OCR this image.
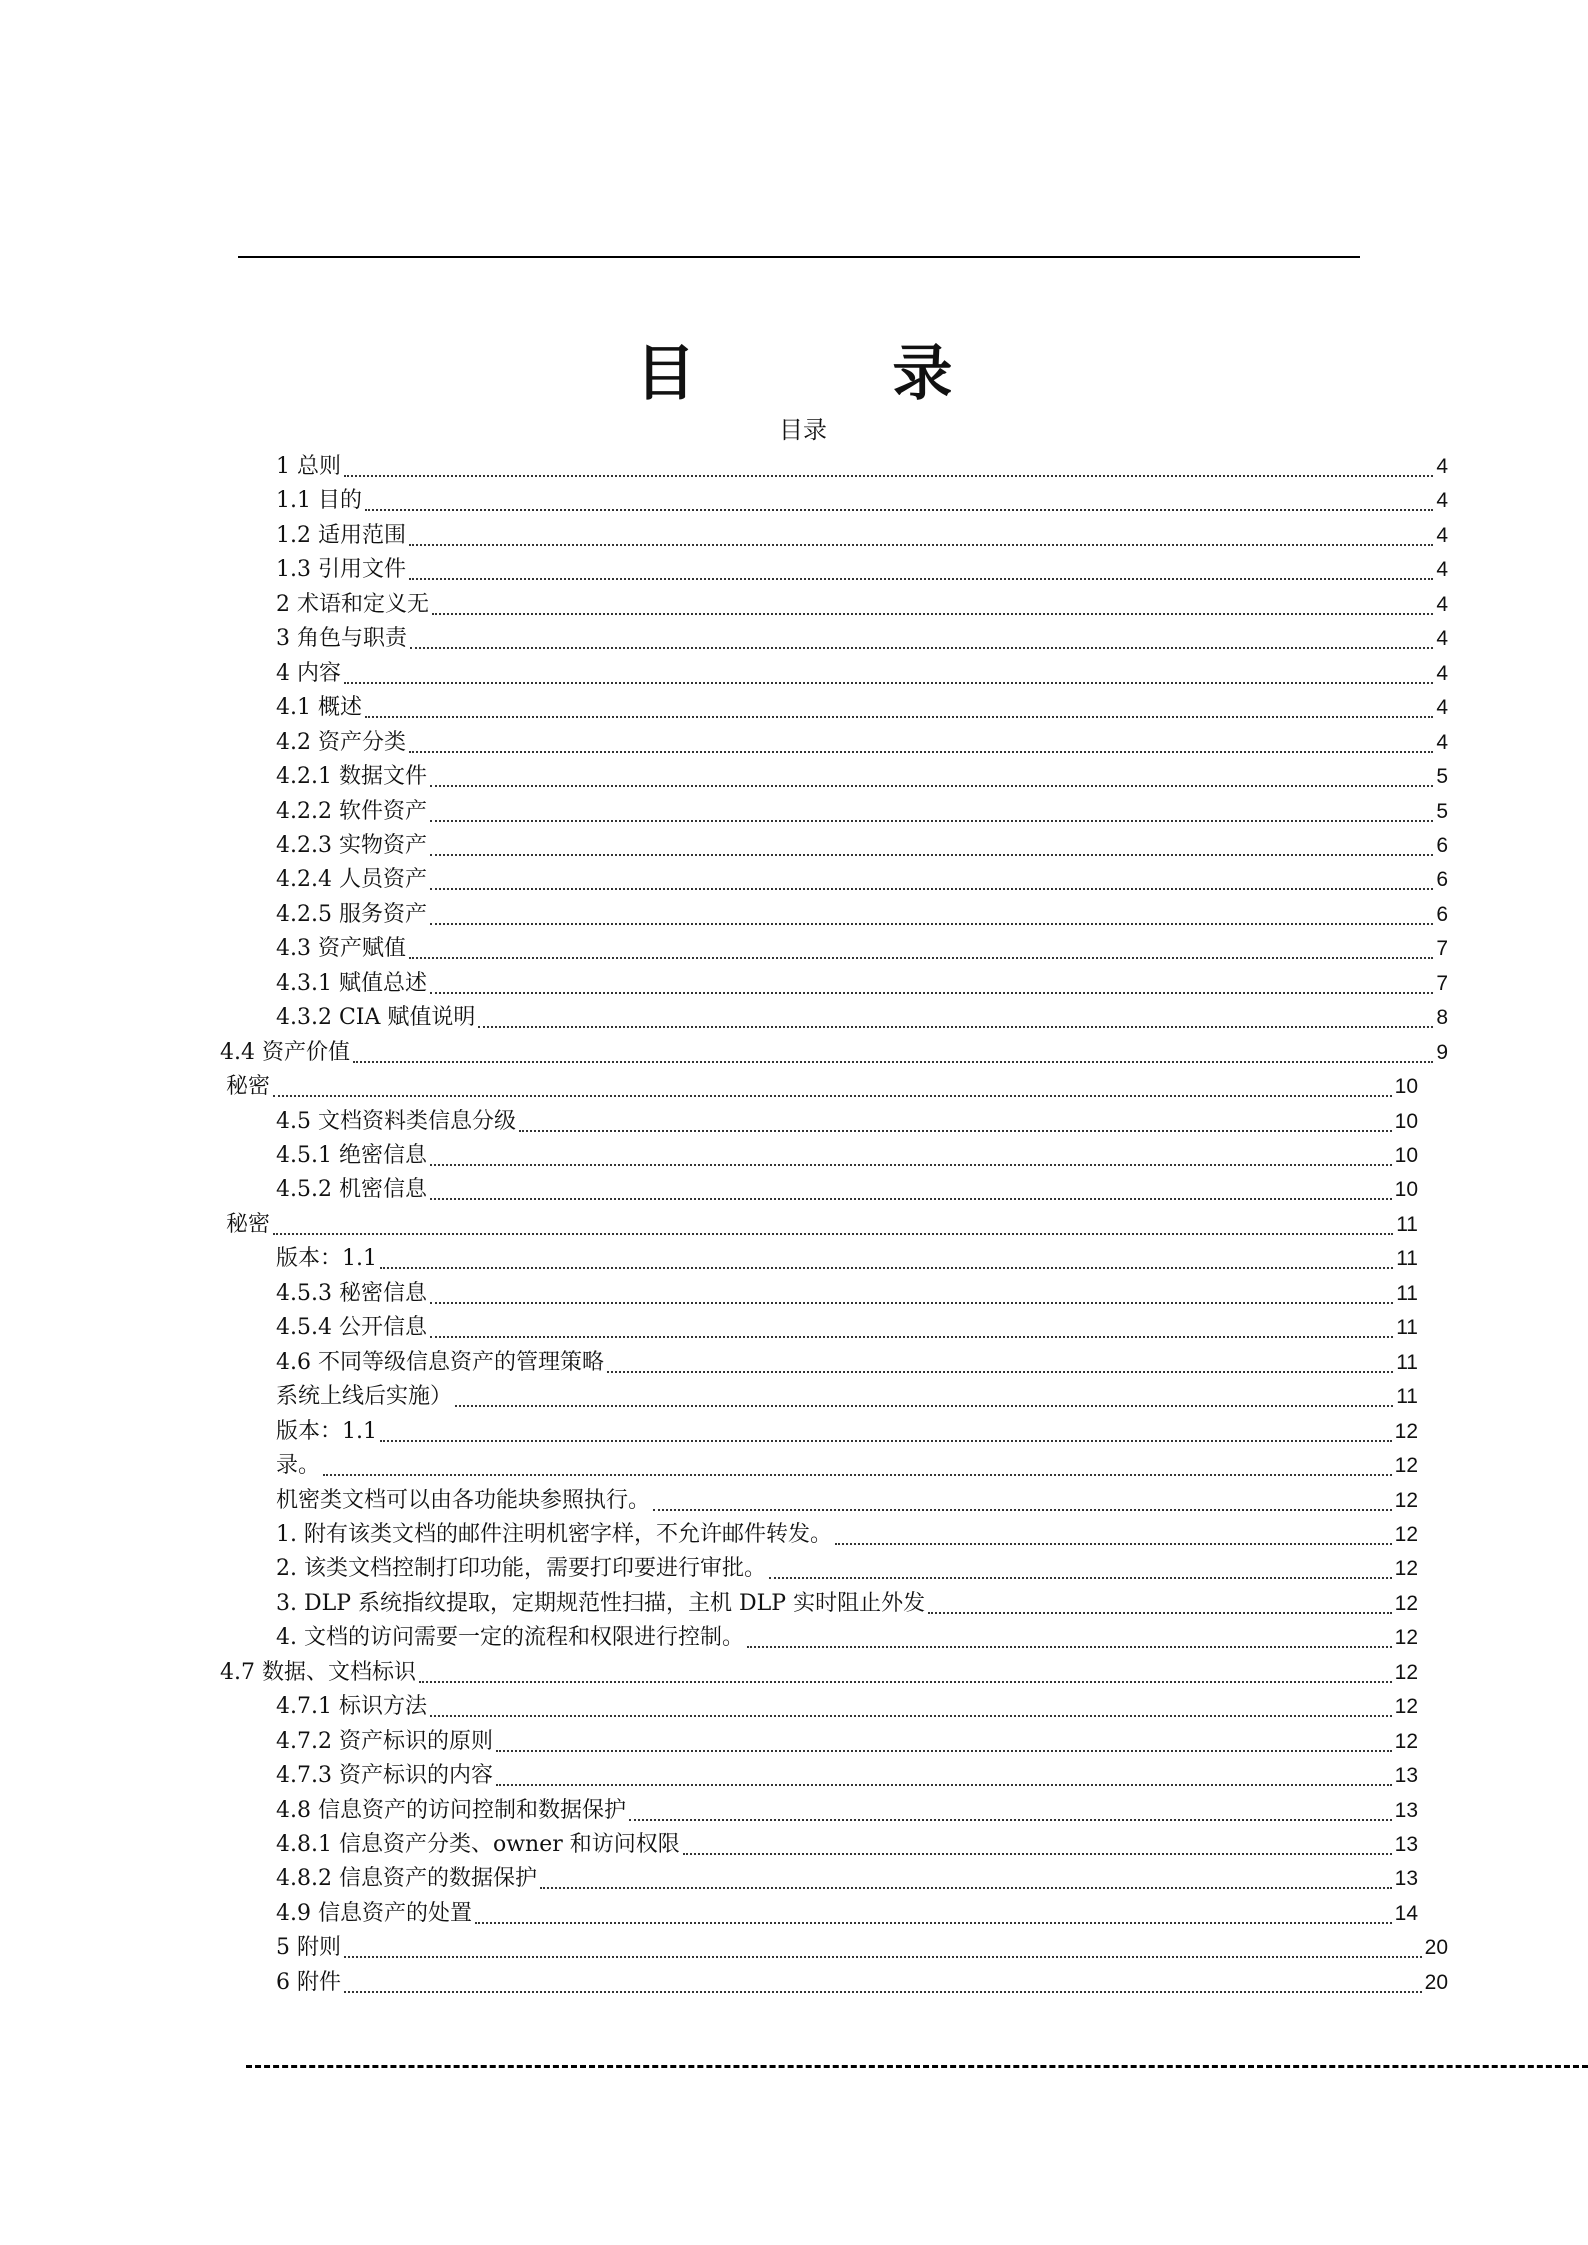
目 录
目录
1 总则	4
1.1 目的	4
1.2 适用范围	4
1.3 引用文件	4
2 术语和定义无	4
3 角色与职责	4
4 内容	4
4.1 概述	4
4.2 资产分类	4
4.2.1 数据文件	5
4.2.2 软件资产	5
4.2.3 实物资产	6
4.2.4 人员资产	6
4.2.5 服务资产	6
4.3 资产赋值	7
4.3.1 赋值总述	7
4.3.2 CIA 赋值说明	8
4.4 资产价值	9
秘密	10
4.5 文档资料类信息分级	10
4.5.1 绝密信息	10
4.5.2 机密信息	10
秘密	11
版本：1.1	11
4.5.3 秘密信息	11
4.5.4 公开信息	11
4.6 不同等级信息资产的管理策略	11
系统上线后实施）	11
版本：1.1	12
录。	12
机密类文档可以由各功能块参照执行。	12
1. 附有该类文档的邮件注明机密字样，不允许邮件转发。	12
2. 该类文档控制打印功能，需要打印要进行审批。	12
3. DLP 系统指纹提取，定期规范性扫描，主机 DLP 实时阻止外发	12
4. 文档的访问需要一定的流程和权限进行控制。	12
4.7 数据、文档标识	12
4.7.1 标识方法	12
4.7.2 资产标识的原则	12
4.7.3 资产标识的内容	13
4.8 信息资产的访问控制和数据保护	13
4.8.1 信息资产分类、owner 和访问权限	13
4.8.2 信息资产的数据保护	13
4.9 信息资产的处置	14
5 附则	20
6 附件	20
